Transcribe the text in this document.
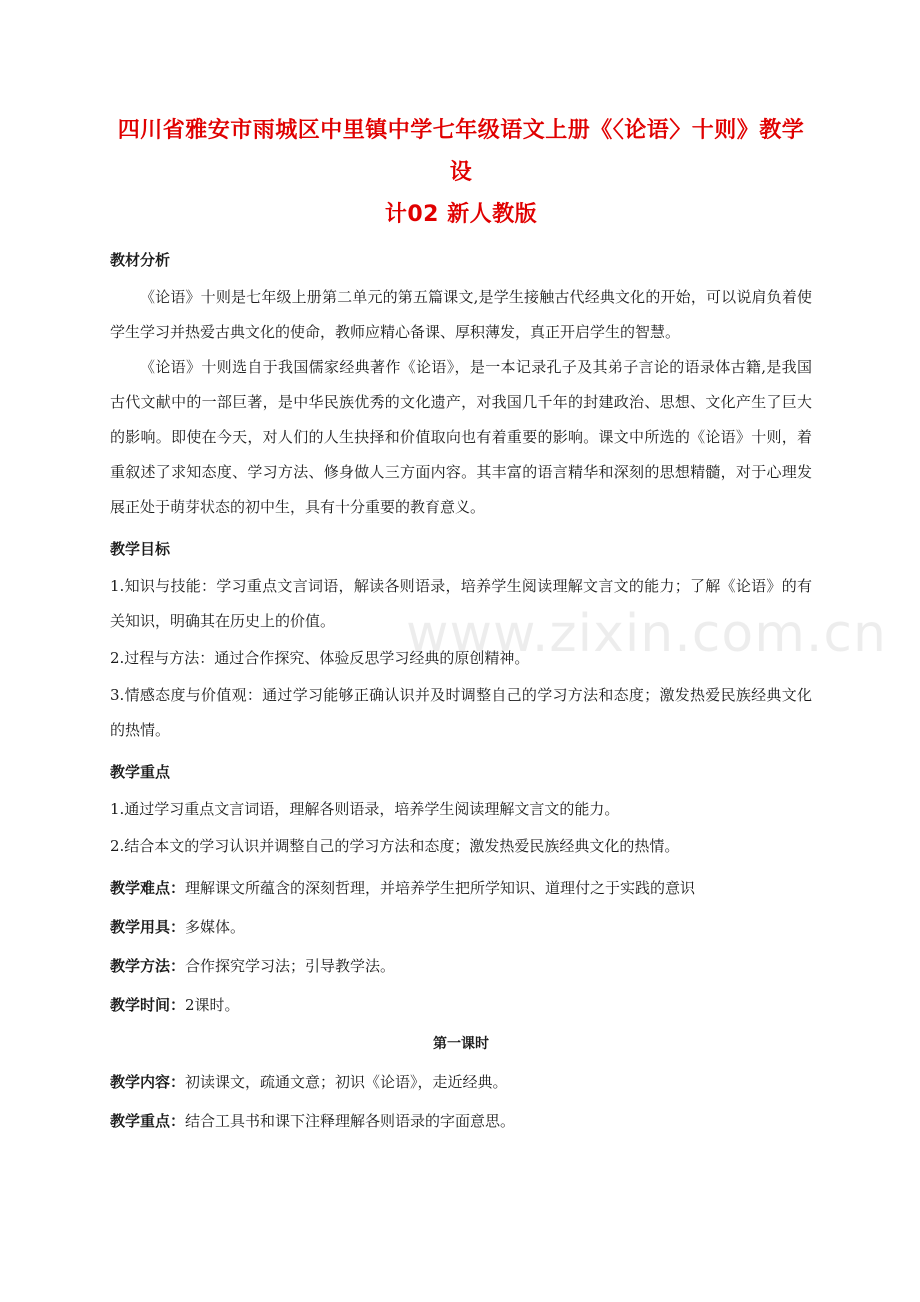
四川省雅安市雨城区中里镇中学七年级语文上册《〈论语〉十则》教学设
计02 新人教版
教材分析

《论语》十则是七年级上册第二单元的第五篇课文,是学生接触古代经典文化的开始，可以说肩负着使学生学习并热爱古典文化的使命，教师应精心备课、厚积薄发，真正开启学生的智慧。

《论语》十则选自于我国儒家经典著作《论语》，是一本记录孔子及其弟子言论的语录体古籍,是我国古代文献中的一部巨著，是中华民族优秀的文化遗产，对我国几千年的封建政治、思想、文化产生了巨大的影响。即使在今天，对人们的人生抉择和价值取向也有着重要的影响。课文中所选的《论语》十则，着重叙述了求知态度、学习方法、修身做人三方面内容。其丰富的语言精华和深刻的思想精髓，对于心理发展正处于萌芽状态的初中生，具有十分重要的教育意义。

教学目标

1.知识与技能：学习重点文言词语，解读各则语录，培养学生阅读理解文言文的能力；了解《论语》的有关知识，明确其在历史上的价值。

2.过程与方法：通过合作探究、体验反思学习经典的原创精神。

3.情感态度与价值观：通过学习能够正确认识并及时调整自己的学习方法和态度；激发热爱民族经典文化的热情。

教学重点

1.通过学习重点文言词语，理解各则语录，培养学生阅读理解文言文的能力。

2.结合本文的学习认识并调整自己的学习方法和态度；激发热爱民族经典文化的热情。

教学难点：理解课文所蕴含的深刻哲理，并培养学生把所学知识、道理付之于实践的意识

教学用具：多媒体。

教学方法：合作探究学习法；引导教学法。

教学时间：2课时。

第一课时

教学内容：初读课文，疏通文意；初识《论语》，走近经典。

教学重点：结合工具书和课下注释理解各则语录的字面意思。

www.zixin.com.cn
